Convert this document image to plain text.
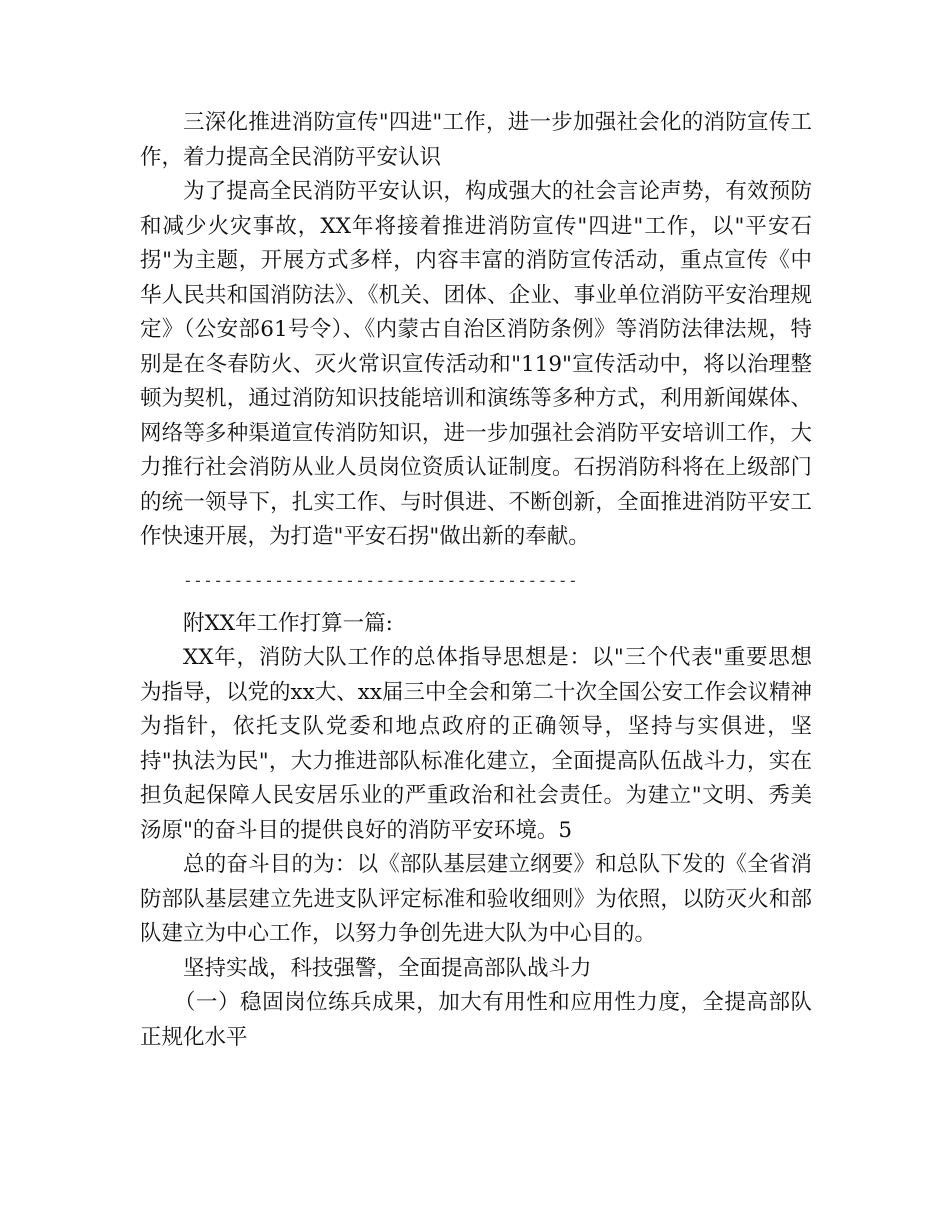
三深化推进消防宣传"四进"工作，进一步加强社会化的消防宣传工作，着力提高全民消防平安认识

为了提高全民消防平安认识，构成强大的社会言论声势，有效预防和减少火灾事故，XX年将接着推进消防宣传"四进"工作，以"平安石拐"为主题，开展方式多样，内容丰富的消防宣传活动，重点宣传《中华人民共和国消防法》、《机关、团体、企业、事业单位消防平安治理规定》（公安部61号令）、《内蒙古自治区消防条例》等消防法律法规，特别是在冬春防火、灭火常识宣传活动和"119"宣传活动中，将以治理整顿为契机，通过消防知识技能培训和演练等多种方式，利用新闻媒体、网络等多种渠道宣传消防知识，进一步加强社会消防平安培训工作，大力推行社会消防从业人员岗位资质认证制度。石拐消防科将在上级部门的统一领导下，扎实工作、与时俱进、不断创新，全面推进消防平安工作快速开展，为打造"平安石拐"做出新的奉献。

---------------------------------------

附XX年工作打算一篇:

XX年，消防大队工作的总体指导思想是：以"三个代表"重要思想为指导，以党的xx大、xx届三中全会和第二十次全国公安工作会议精神为指针，依托支队党委和地点政府的正确领导，坚持与实俱进，坚持"执法为民"，大力推进部队标准化建立，全面提高队伍战斗力，实在担负起保障人民安居乐业的严重政治和社会责任。为建立"文明、秀美汤原"的奋斗目的提供良好的消防平安环境。5

总的奋斗目的为：以《部队基层建立纲要》和总队下发的《全省消防部队基层建立先进支队评定标准和验收细则》为依照，以防灭火和部队建立为中心工作，以努力争创先进大队为中心目的。

坚持实战，科技强警，全面提高部队战斗力

（一）稳固岗位练兵成果，加大有用性和应用性力度，全提高部队正规化水平
